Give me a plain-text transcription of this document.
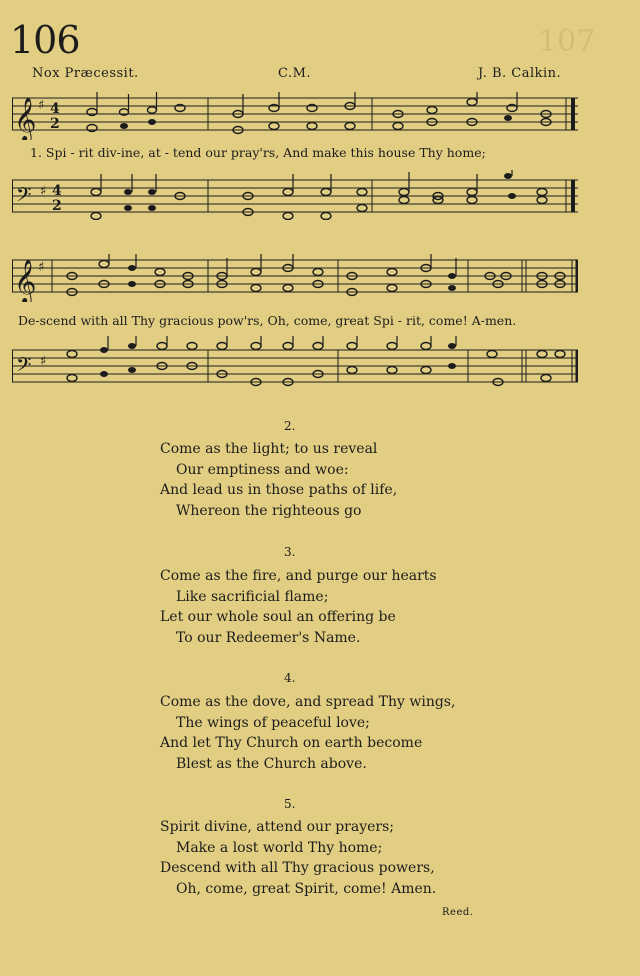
106	107
Nox Præcessit.	C.M.	J. B. Calkin.
𝄞 ♯ 4
2
1. Spi - rit div-ine, at - tend our pray'rs, And make this house Thy home;
𝄢 ♯ 4
2
𝄞 ♯
De-scend with all Thy gracious pow'rs, Oh, come, great Spi - rit, come! A-men.
𝄢 ♯
2.
Come as the light; to us reveal
Our emptiness and woe:
And lead us in those paths of life,
Whereon the righteous go
3.
Come as the fire, and purge our hearts
Like sacrificial flame;
Let our whole soul an offering be
To our Redeemer's Name.
4.
Come as the dove, and spread Thy wings,
The wings of peaceful love;
And let Thy Church on earth become
Blest as the Church above.
5.
Spirit divine, attend our prayers;
Make a lost world Thy home;
Descend with all Thy gracious powers,
Oh, come, great Spirit, come! Amen.
Reed.
